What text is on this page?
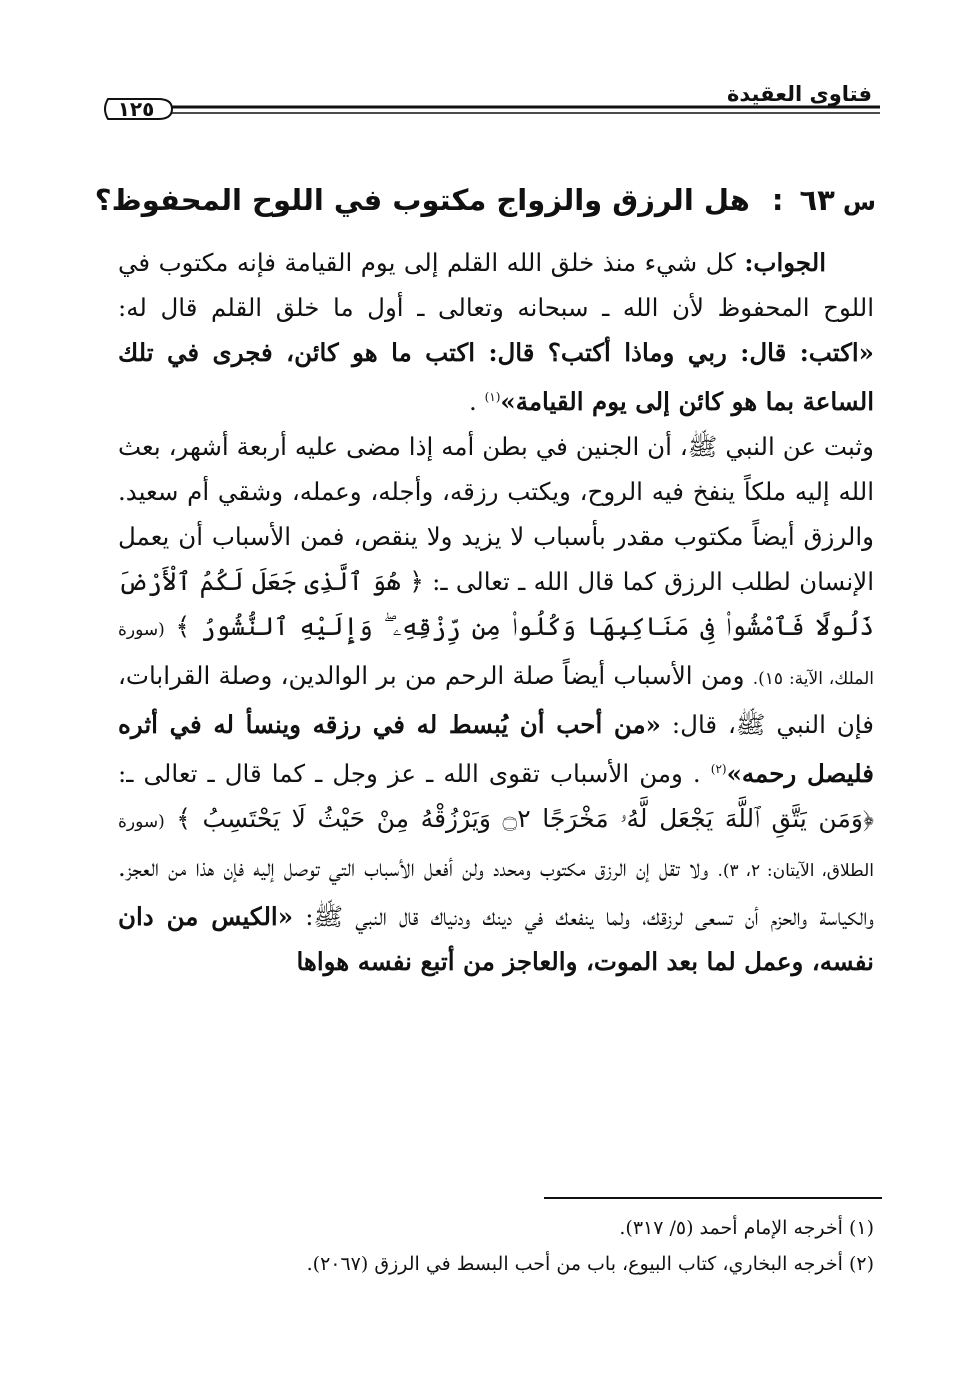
فتاوى العقيدة
١٢٥
س٦٣:هل الرزق والزواج مكتوب في اللوح المحفوظ؟

الجواب: كل شيء منذ خلق الله القلم إلى يوم القيامة فإنه مكتوب في اللوح المحفوظ لأن الله ـ سبحانه وتعالى ـ أول ما خلق القلم قال له: «اكتب: قال: ربي وماذا أكتب؟ قال: اكتب ما هو كائن، فجرى في تلك الساعة بما هو كائن إلى يوم القيامة»$^{(١)}$ .

وثبت عن النبي ﷺ، أن الجنين في بطن أمه إذا مضى عليه أربعة أشهر، بعث الله إليه ملكاً ينفخ فيه الروح، ويكتب رزقه، وأجله، وعمله، وشقي أم سعيد. والرزق أيضاً مكتوب مقدر بأسباب لا يزيد ولا ينقص، فمن الأسباب أن يعمل الإنسان لطلب الرزق كما قال الله ـ تعالى ـ: ﴿ هُوَ ٱلَّذِى جَعَلَ لَكُمُ ٱلْأَرْضَ ذَلُولًا فَٱمْشُوا۟ فِى مَنَاكِبِهَا وَكُلُوا۟ مِن رِّزْقِهِۦ ۖ وَإِلَيْهِ ٱلنُّشُورُ ﴾ (سورة الملك، الآية: ١٥). ومن الأسباب أيضاً صلة الرحم من بر الوالدين، وصلة القرابات، فإن النبي ﷺ، قال: «من أحب أن يُبسط له في رزقه وينسأ له في أثره فليصل رحمه»$^{(٢)}$ . ومن الأسباب تقوى الله ـ عز وجل ـ كما قال ـ تعالى ـ: ﴿وَمَن يَتَّقِ ٱللَّهَ يَجْعَل لَّهُۥ مَخْرَجًا ۝٢ وَيَرْزُقْهُ مِنْ حَيْثُ لَا يَحْتَسِبُ ﴾ (سورة الطلاق، الآيتان: ٢، ٣). ولا تقل إن الرزق مكتوب ومحدد ولن أفعل الأسباب التي توصل إليه فإن هذا من العجز. والكياسة والحزم أن تسعى لرزقك، ولما ينفعك في دينك ودنياك قال النبي ﷺ: «الكيس من دان نفسه، وعمل لما بعد الموت، والعاجز من أتبع نفسه هواها

(١) أخرجه الإمام أحمد (٥/ ٣١٧).

(٢) أخرجه البخاري، كتاب البيوع، باب من أحب البسط في الرزق (٢٠٦٧).
